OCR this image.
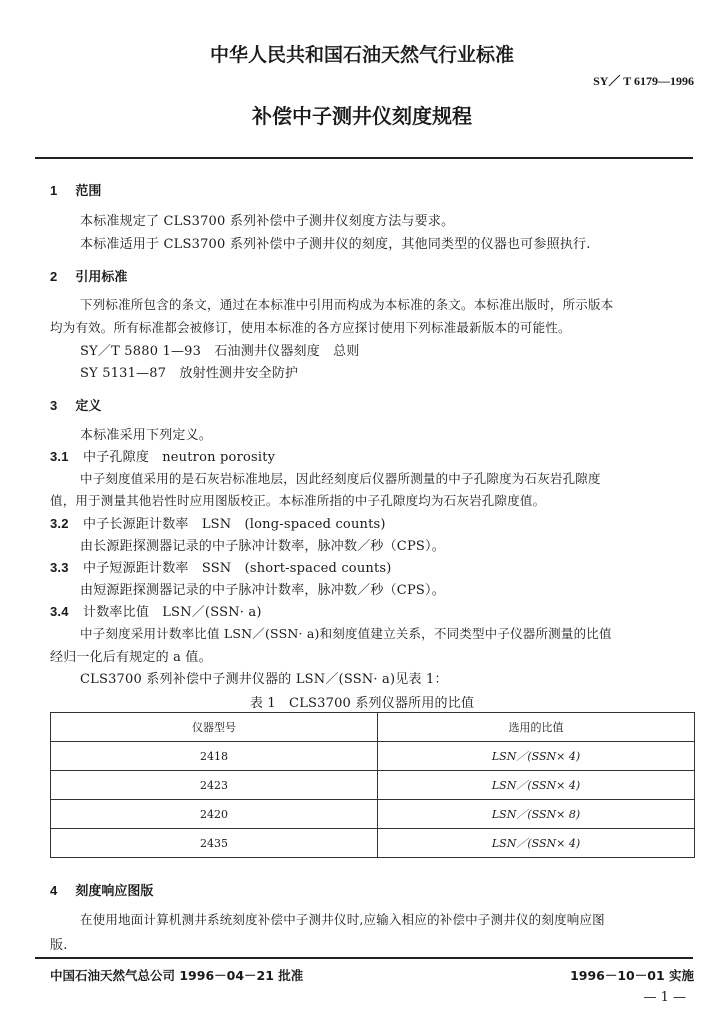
中华人民共和国石油天然气行业标准
SY／ T 6179—1996
补偿中子测井仪刻度规程
1 范围
本标准规定了 CLS3700 系列补偿中子测井仪刻度方法与要求。
本标准适用于 CLS3700 系列补偿中子测井仪的刻度，其他同类型的仪器也可参照执行.
2 引用标准
下列标准所包含的条文，通过在本标准中引用而构成为本标准的条文。本标准出版时，所示版本
均为有效。所有标准都会被修订，使用本标准的各方应探讨使用下列标准最新版本的可能性。
SY／T 5880 1—93　石油测井仪器刻度　总则
SY 5131—87　放射性测井安全防护
3 定义
本标准采用下列定义。
3.1 中子孔隙度　neutron porosity
中子刻度值采用的是石灰岩标准地层，因此经刻度后仪器所测量的中子孔隙度为石灰岩孔隙度
值，用于测量其他岩性时应用图版校正。本标准所指的中子孔隙度均为石灰岩孔隙度值。
3.2 中子长源距计数率　LSN　(long-spaced counts)
由长源距探测器记录的中子脉冲计数率，脉冲数／秒（CPS）。
3.3 中子短源距计数率　SSN　(short-spaced counts)
由短源距探测器记录的中子脉冲计数率，脉冲数／秒（CPS）。
3.4 计数率比值　LSN／(SSN· a)
中子刻度采用计数率比值 LSN／(SSN· a)和刻度值建立关系，不同类型中子仪器所测量的比值
经归一化后有规定的 a 值。
CLS3700 系列补偿中子测井仪器的 LSN／(SSN· a)见表 1：
表 1　CLS3700 系列仪器所用的比值
仪器型号	选用的比值
2418	LSN／(SSN× 4)
2423	LSN／(SSN× 4)
2420	LSN／(SSN× 8)
2435	LSN／(SSN× 4)
4 刻度响应图版
在使用地面计算机测井系统刻度补偿中子测井仪时,应输入相应的补偿中子测井仪的刻度响应图
版.
中国石油天然气总公司 1996－04－21 批准	1996－10－01 实施
— 1 —
